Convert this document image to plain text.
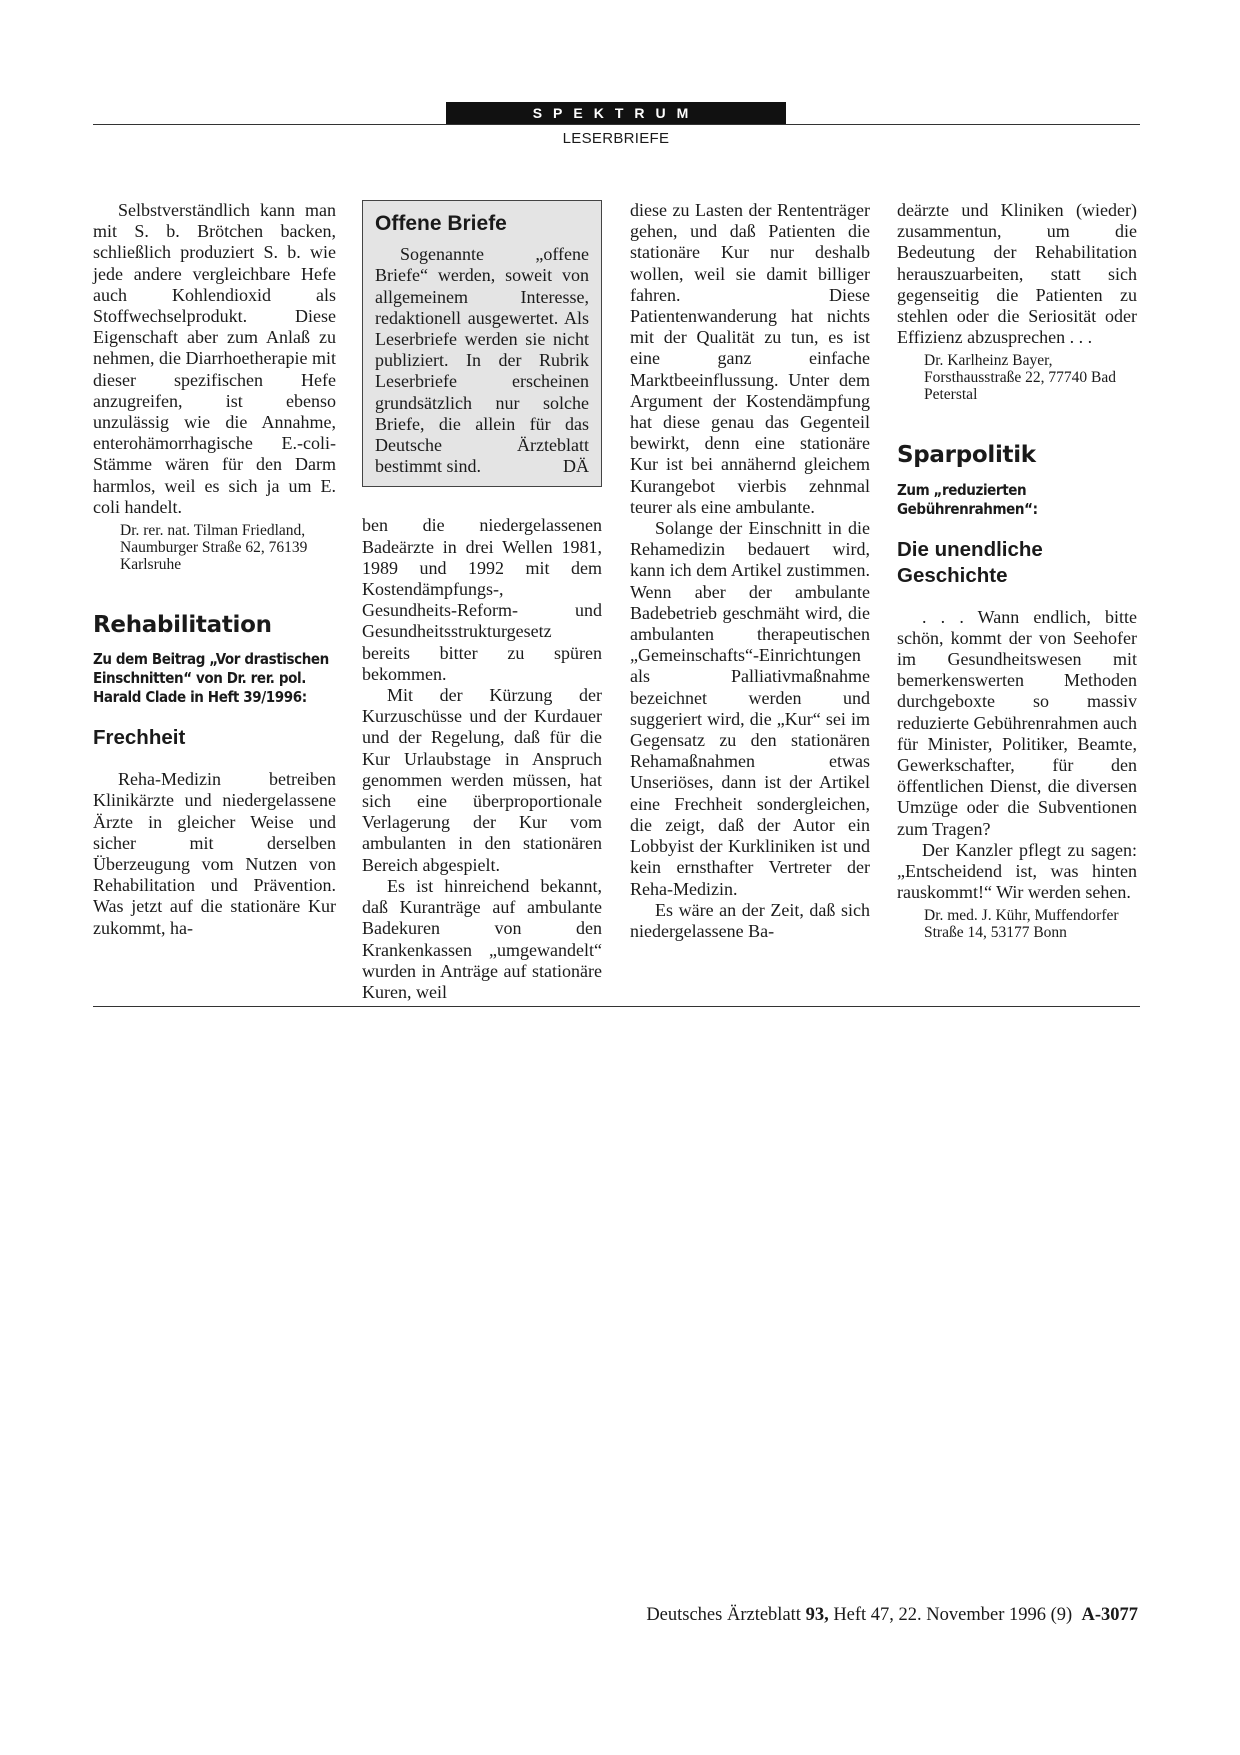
SPEKTRUM
LESERBRIEFE

Selbstverständlich kann man mit S. b. Brötchen backen, schließlich produziert S. b. wie jede andere vergleichbare Hefe auch Kohlendioxid als Stoffwechselprodukt. Diese Eigenschaft aber zum Anlaß zu nehmen, die Diarrhoetherapie mit dieser spezifischen Hefe anzugreifen, ist ebenso unzulässig wie die Annahme, enterohämorrhagische E.-coli-Stämme wären für den Darm harmlos, weil es sich ja um E. coli handelt.

Dr. rer. nat. Tilman Friedland, Naumburger Straße 62, 76139 Karlsruhe

Rehabilitation
Zu dem Beitrag „Vor drastischen Einschnitten“ von Dr. rer. pol. Harald Clade in Heft 39/1996:
Frechheit

Reha-Medizin betreiben Klinikärzte und niedergelassene Ärzte in gleicher Weise und sicher mit derselben Überzeugung vom Nutzen von Rehabilitation und Prävention. Was jetzt auf die stationäre Kur zukommt, ha-

Offene Briefe

Sogenannte „offene Briefe“ werden, soweit von allgemeinem Interesse, redaktionell ausgewertet. Als Leserbriefe werden sie nicht publiziert. In der Rubrik Leserbriefe erscheinen grundsätzlich nur solche Briefe, die allein für das Deutsche Ärzteblatt bestimmt sind.	DÄ

ben die niedergelassenen Badeärzte in drei Wellen 1981, 1989 und 1992 mit dem Kostendämpfungs-, Gesundheits-Reform- und Gesundheitsstrukturgesetz bereits bitter zu spüren bekommen.

Mit der Kürzung der Kurzuschüsse und der Kurdauer und der Regelung, daß für die Kur Urlaubstage in Anspruch genommen werden müssen, hat sich eine überproportionale Verlagerung der Kur vom ambulanten in den stationären Bereich abgespielt.

Es ist hinreichend bekannt, daß Kuranträge auf ambulante Badekuren von den Krankenkassen „umgewandelt“ wurden in Anträge auf stationäre Kuren, weil

diese zu Lasten der Rententräger gehen, und daß Patienten die stationäre Kur nur deshalb wollen, weil sie damit billiger fahren. Diese Patientenwanderung hat nichts mit der Qualität zu tun, es ist eine ganz einfache Marktbeeinflussung. Unter dem Argument der Kostendämpfung hat diese genau das Gegenteil bewirkt, denn eine stationäre Kur ist bei annähernd gleichem Kurangebot vierbis zehnmal teurer als eine ambulante.

Solange der Einschnitt in die Rehamedizin bedauert wird, kann ich dem Artikel zustimmen. Wenn aber der ambulante Badebetrieb geschmäht wird, die ambulanten therapeutischen „Gemeinschafts“-Einrichtungen als Palliativmaßnahme bezeichnet werden und suggeriert wird, die „Kur“ sei im Gegensatz zu den stationären Rehamaßnahmen etwas Unseriöses, dann ist der Artikel eine Frechheit sondergleichen, die zeigt, daß der Autor ein Lobbyist der Kurkliniken ist und kein ernsthafter Vertreter der Reha-Medizin.

Es wäre an der Zeit, daß sich niedergelassene Ba-

deärzte und Kliniken (wieder) zusammentun, um die Bedeutung der Rehabilitation herauszuarbeiten, statt sich gegenseitig die Patienten zu stehlen oder die Seriosität oder Effizienz abzusprechen . . .

Dr. Karlheinz Bayer, Forsthausstraße 22, 77740 Bad Peterstal

Sparpolitik
Zum „reduzierten Gebührenrahmen“:
Die unendliche Geschichte

. . . Wann endlich, bitte schön, kommt der von Seehofer im Gesundheitswesen mit bemerkenswerten Methoden durchgeboxte so massiv reduzierte Gebührenrahmen auch für Minister, Politiker, Beamte, Gewerkschafter, für den öffentlichen Dienst, die diversen Umzüge oder die Subventionen zum Tragen?

Der Kanzler pflegt zu sagen: „Entscheidend ist, was hinten rauskommt!“ Wir werden sehen.

Dr. med. J. Kühr, Muffendorfer Straße 14, 53177 Bonn

Deutsches Ärzteblatt 93, Heft 47, 22. November 1996 (9) A-3077
